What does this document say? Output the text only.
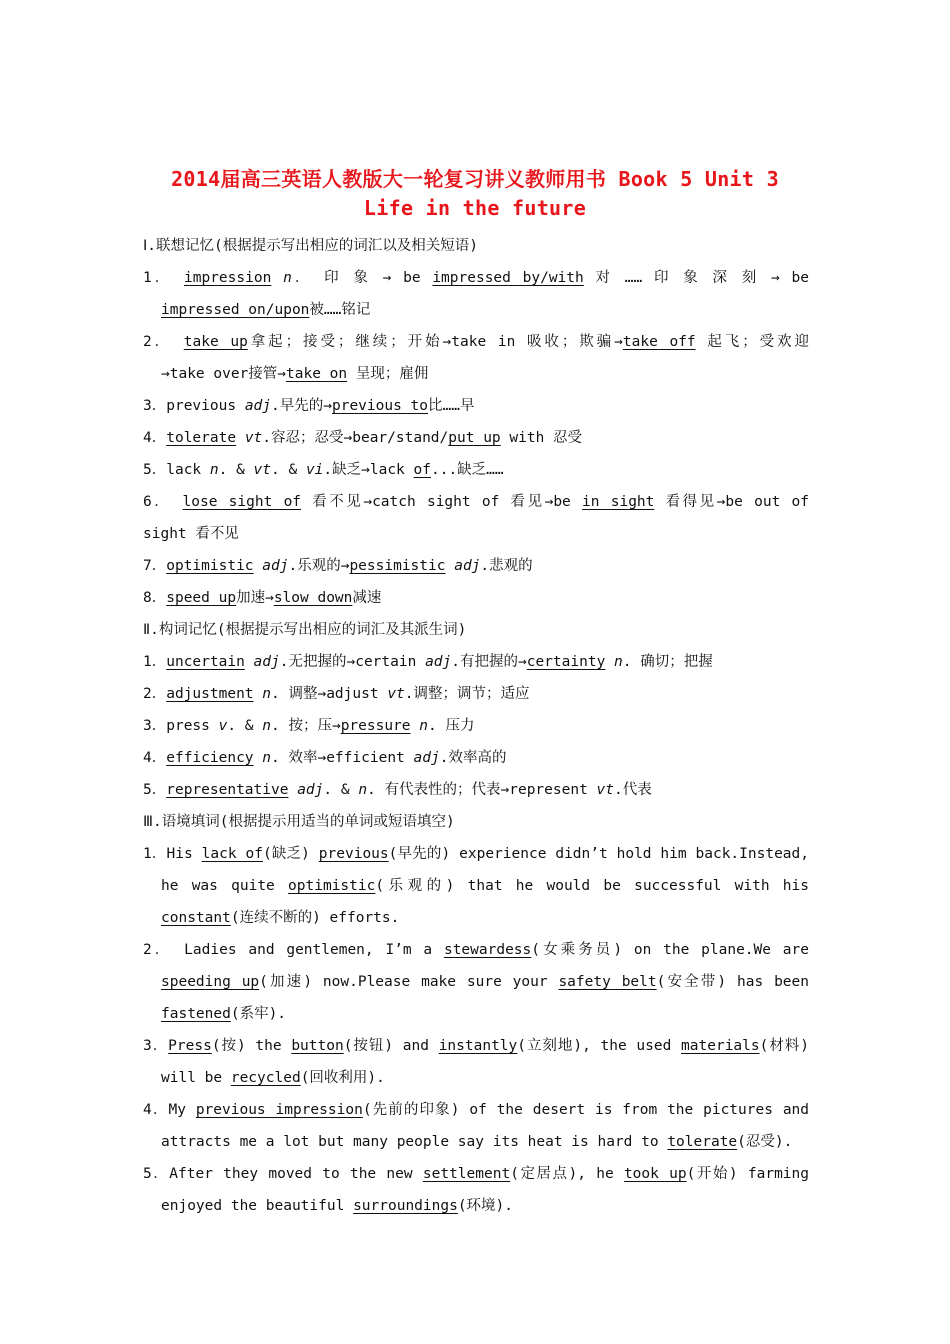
2014届高三英语人教版大一轮复习讲义教师用书 Book 5 Unit 3
Life in the future
Ⅰ.联想记忆(根据提示写出相应的词汇以及相关短语)
1． impression n． 印 象 → be impressed by/with 对 …… 印 象 深 刻 → be
impressed on/upon被……铭记
2． take up拿起；接受；继续；开始→take in 吸收；欺骗→take off 起飞；受欢迎
→take over接管→take on 呈现；雇佣
3．previous adj.早先的→previous to比……早
4．tolerate vt.容忍；忍受→bear/stand/put up with 忍受
5．lack n. & vt. & vi.缺乏→lack of...缺乏……
6． lose sight of 看不见→catch sight of 看见→be in sight 看得见→be out of
sight 看不见
7．optimistic adj.乐观的→pessimistic adj.悲观的
8．speed up加速→slow down减速
Ⅱ.构词记忆(根据提示写出相应的词汇及其派生词)
1．uncertain adj.无把握的→certain adj.有把握的→certainty n. 确切；把握
2．adjustment n. 调整→adjust vt.调整；调节；适应
3．press v. & n. 按；压→pressure n. 压力
4．efficiency n. 效率→efficient adj.效率高的
5．representative adj. & n. 有代表性的；代表→represent vt.代表
Ⅲ.语境填词(根据提示用适当的单词或短语填空)
1．His lack of(缺乏) previous(早先的) experience didn’t hold him back.Instead,
he was quite optimistic(乐观的) that he would be successful with his
constant(连续不断的) efforts.
2． Ladies and gentlemen, I’m a stewardess(女乘务员) on the plane.We are
speeding up(加速) now.Please make sure your safety belt(安全带) has been
fastened(系牢).
3．Press(按) the button(按钮) and instantly(立刻地), the used materials(材料)
will be recycled(回收利用).
4．My previous impression(先前的印象) of the desert is from the pictures and
attracts me a lot but many people say its heat is hard to tolerate(忍受).
5．After they moved to the new settlement(定居点), he took up(开始) farming
enjoyed the beautiful surroundings(环境).
